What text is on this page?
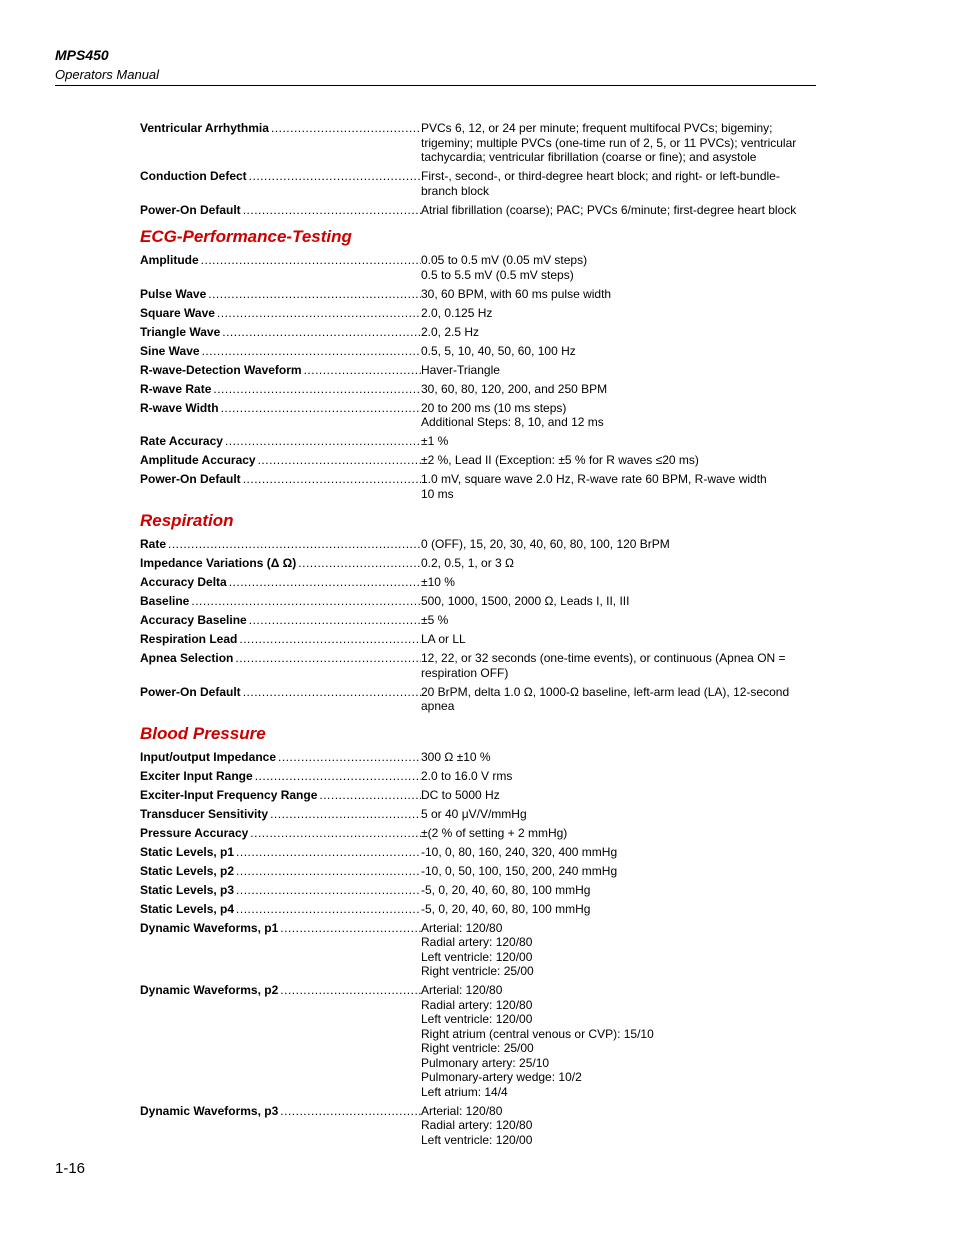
MPS450
Operators Manual
Ventricular Arrhythmia .....	PVCs 6, 12, or 24 per minute; frequent multifocal PVCs; bigeminy;
trigeminy; multiple PVCs (one-time run of 2, 5, or 11 PVCs); ventricular
tachycardia; ventricular fibrillation (coarse or fine); and asystole
Conduction Defect .....	First-, second-, or third-degree heart block; and right- or left-bundle-
branch block
Power-On Default .....	Atrial fibrillation (coarse); PAC; PVCs 6/minute; first-degree heart block
ECG-Performance-Testing
Amplitude .....	0.05 to 0.5 mV (0.05 mV steps)
0.5 to 5.5 mV (0.5 mV steps)
Pulse Wave .....	30, 60 BPM, with 60 ms pulse width
Square Wave .....	2.0, 0.125 Hz
Triangle Wave .....	2.0, 2.5 Hz
Sine Wave .....	0.5, 5, 10, 40, 50, 60, 100 Hz
R-wave-Detection Waveform .....	Haver-Triangle
R-wave Rate .....	30, 60, 80, 120, 200, and 250 BPM
R-wave Width .....	20 to 200 ms (10 ms steps)
Additional Steps: 8, 10, and 12 ms
Rate Accuracy .....	±1 %
Amplitude Accuracy .....	±2 %, Lead II (Exception: ±5 % for R waves ≤20 ms)
Power-On Default .....	1.0 mV, square wave 2.0 Hz, R-wave rate 60 BPM, R-wave width
10 ms
Respiration
Rate .....	0 (OFF), 15, 20, 30, 40, 60, 80, 100, 120 BrPM
Impedance Variations (Δ Ω) .....	0.2, 0.5, 1, or 3 Ω
Accuracy Delta .....	±10 %
Baseline .....	500, 1000, 1500, 2000 Ω, Leads I, II, III
Accuracy Baseline .....	±5 %
Respiration Lead .....	LA or LL
Apnea Selection .....	12, 22, or 32 seconds (one-time events), or continuous (Apnea ON =
respiration OFF)
Power-On Default .....	20 BrPM, delta 1.0 Ω, 1000-Ω baseline, left-arm lead (LA), 12-second
apnea
Blood Pressure
Input/output Impedance .....	300 Ω ±10 %
Exciter Input Range .....	2.0 to 16.0 V rms
Exciter-Input Frequency Range .....	DC to 5000 Hz
Transducer Sensitivity .....	5 or 40 μV/V/mmHg
Pressure Accuracy .....	±(2 % of setting + 2 mmHg)
Static Levels, p1 .....	-10, 0, 80, 160, 240, 320, 400 mmHg
Static Levels, p2 .....	-10, 0, 50, 100, 150, 200, 240 mmHg
Static Levels, p3 .....	-5, 0, 20, 40, 60, 80, 100 mmHg
Static Levels, p4 .....	-5, 0, 20, 40, 60, 80, 100 mmHg
Dynamic Waveforms, p1 .....	Arterial: 120/80
Radial artery: 120/80
Left ventricle: 120/00
Right ventricle: 25/00
Dynamic Waveforms, p2 .....	Arterial: 120/80
Radial artery: 120/80
Left ventricle: 120/00
Right atrium (central venous or CVP): 15/10
Right ventricle: 25/00
Pulmonary artery: 25/10
Pulmonary-artery wedge: 10/2
Left atrium: 14/4
Dynamic Waveforms, p3 .....	Arterial: 120/80
Radial artery: 120/80
Left ventricle: 120/00
1-16
